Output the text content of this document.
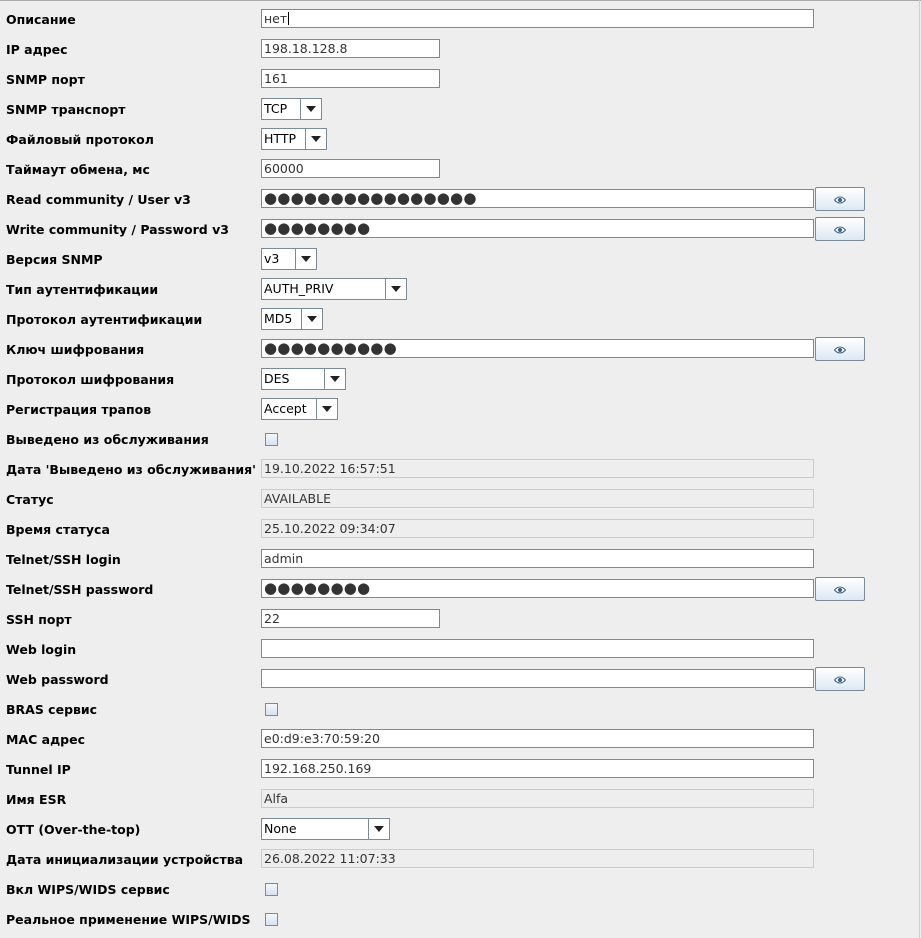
Описание	нет
IP адрес	198.18.128.8
SNMP порт	161
SNMP транспорт	TCP
Файловый протокол	HTTP
Таймаут обмена, мс	60000
Read community / User v3	●●●●●●●●●●●●●●●●
Write community / Password v3 ●●●●●●●●
Версия SNMP	v3
Тип аутентификации	AUTH_PRIV
Протокол аутентификации	MD5
Ключ шифрования	●●●●●●●●●●
Протокол шифрования	DES
Регистрация трапов	Accept
Выведено из обслуживания
Дата 'Выведено из обслуживания' 19.10.2022 16:57:51
Статус	AVAILABLE
Время статуса	25.10.2022 09:34:07
Telnet/SSH login	admin
Telnet/SSH password	●●●●●●●●
SSH порт	22
Web login
Web password
BRAS сервис
MAC адрес	e0:d9:e3:70:59:20
Tunnel IP	192.168.250.169
Имя ESR	Alfa
OTT (Over-the-top)	None
Дата инициализации устройства 26.08.2022 11:07:33
Вкл WIPS/WIDS сервис
Реальное применение WIPS/WIDS
